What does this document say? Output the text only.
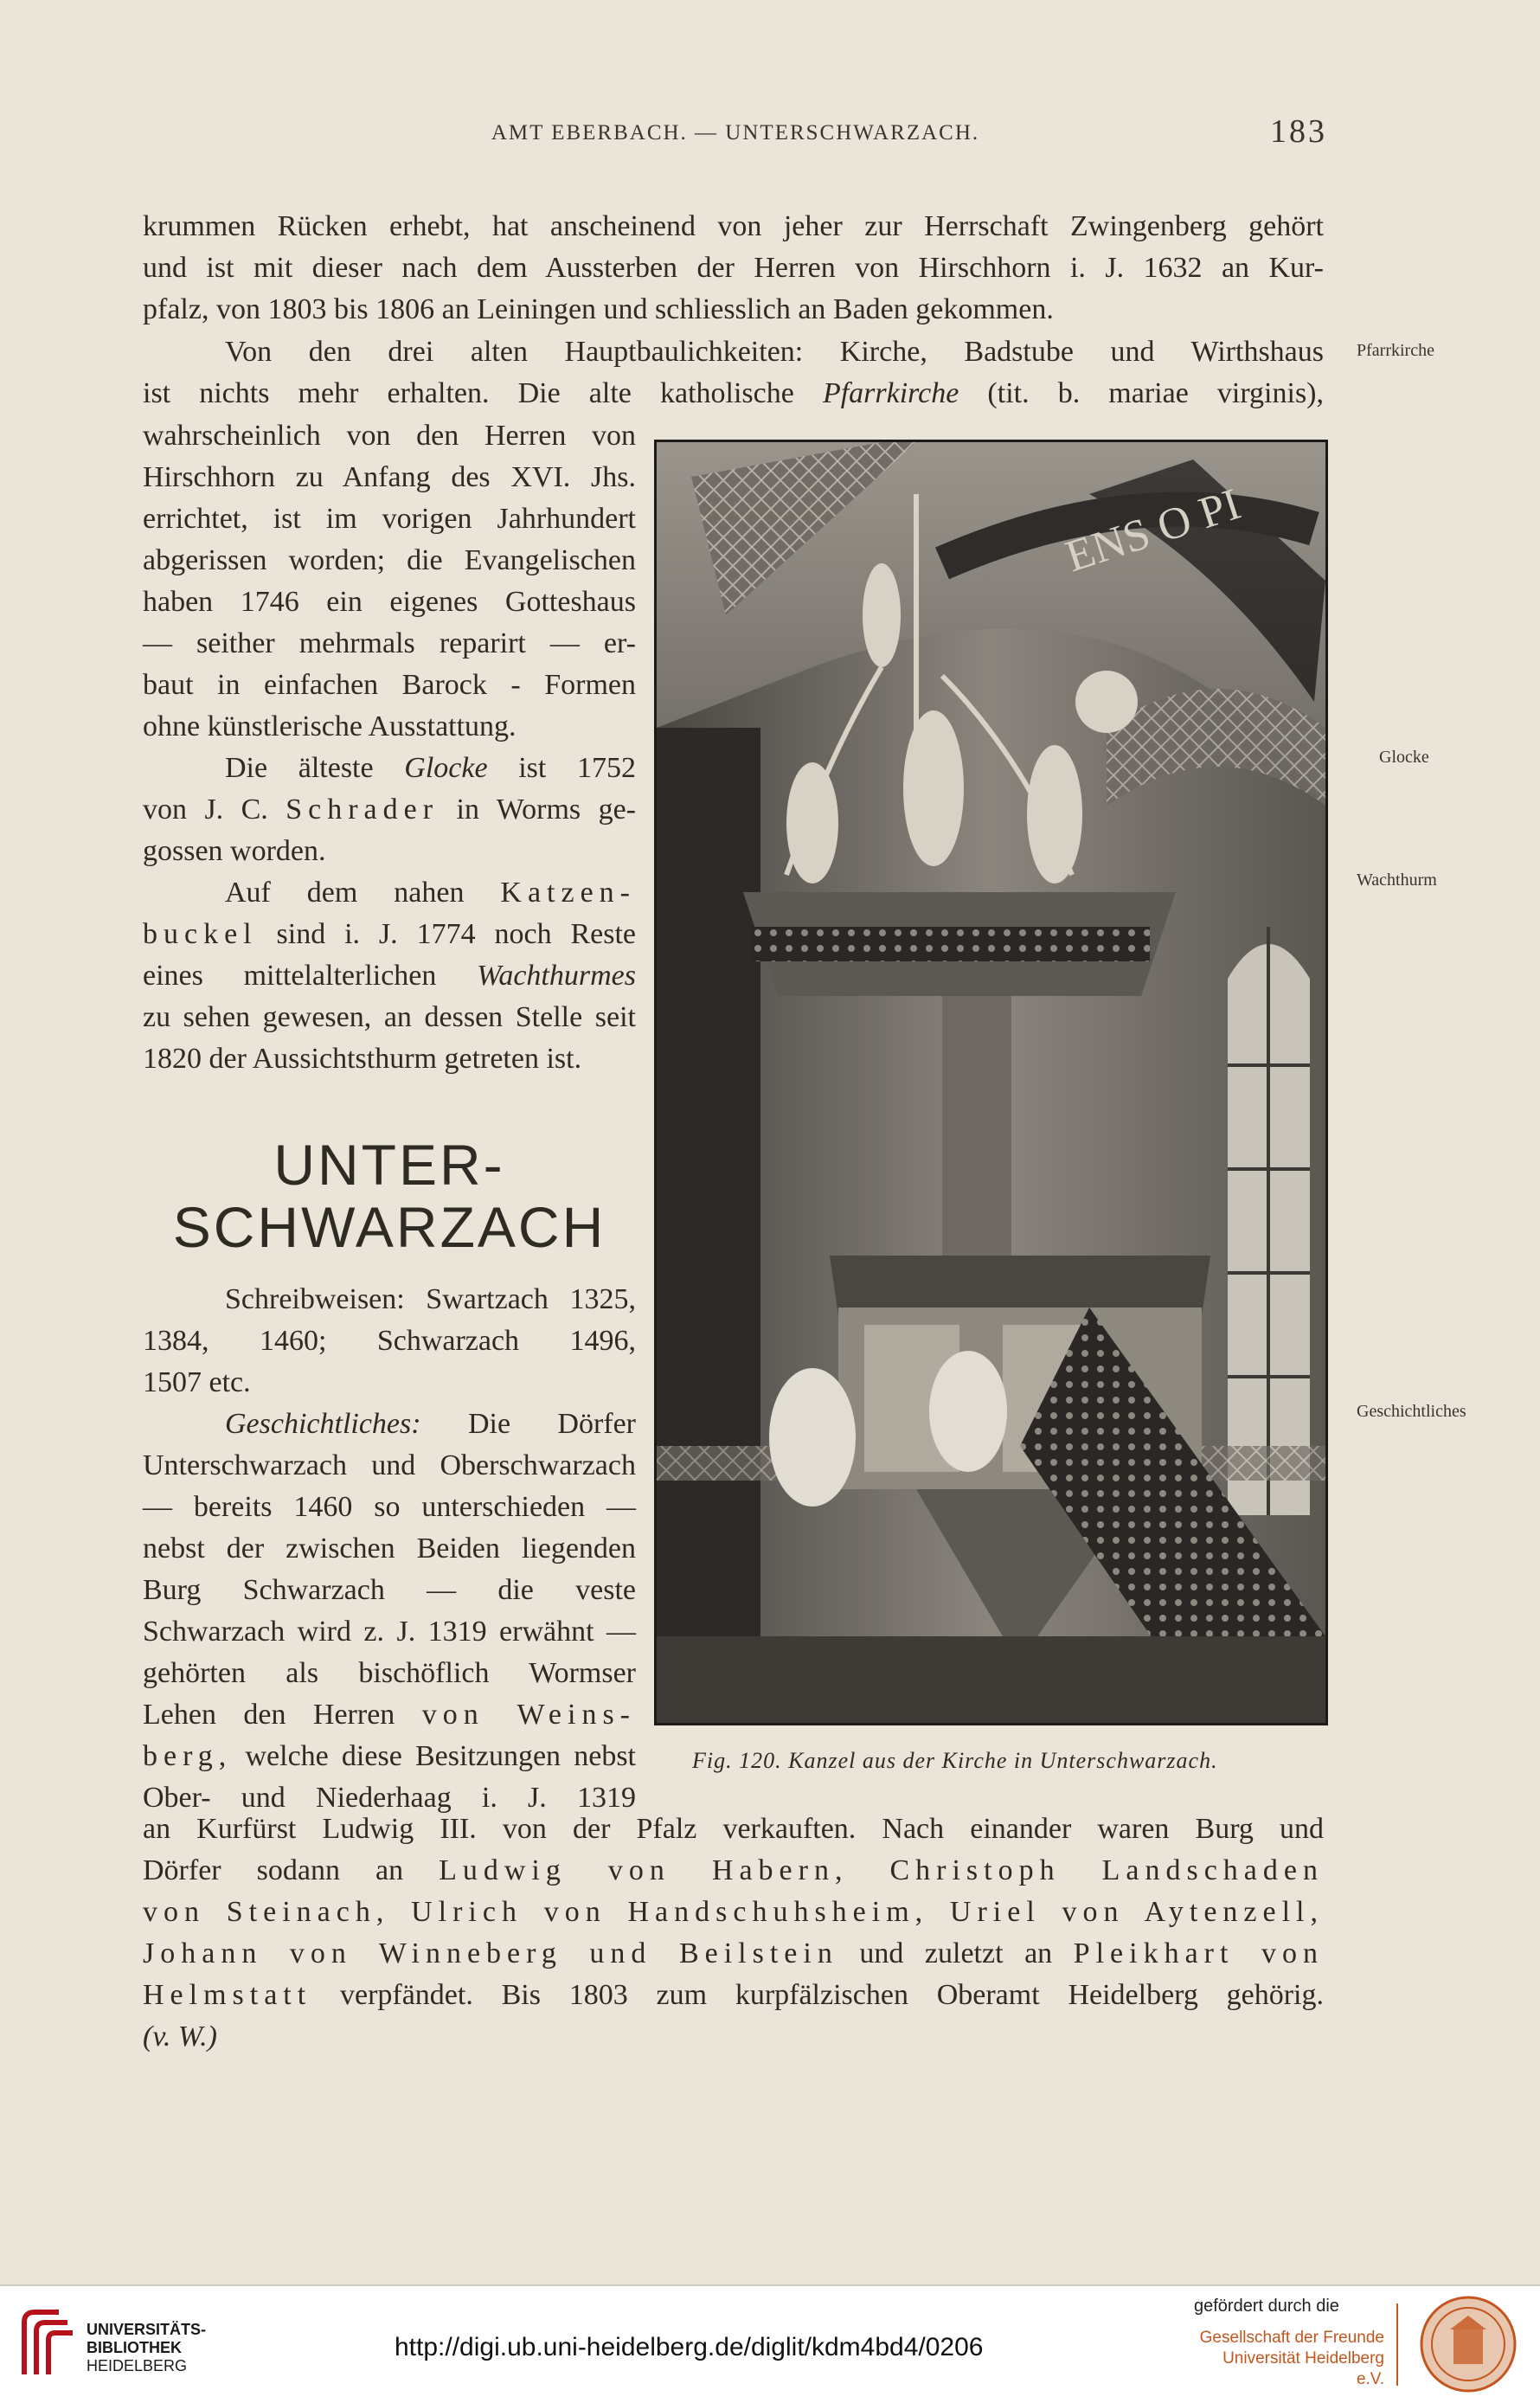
AMT EBERBACH. — UNTERSCHWARZACH.	183
krummen Rücken erhebt, hat anscheinend von jeher zur Herrschaft Zwingenberg gehört
und ist mit dieser nach dem Aussterben der Herren von Hirschhorn i. J. 1632 an Kur-
pfalz, von 1803 bis 1806 an Leiningen und schliesslich an Baden gekommen.
Von den drei alten Hauptbaulichkeiten: Kirche, Badstube und Wirthshaus
ist nichts mehr erhalten. Die alte katholische Pfarrkirche (tit. b. mariae virginis),
wahrscheinlich von den Herren von
Hirschhorn zu Anfang des XVI. Jhs.
errichtet, ist im vorigen Jahrhundert
abgerissen worden; die Evangelischen
haben 1746 ein eigenes Gotteshaus
— seither mehrmals reparirt — er-
baut in einfachen Barock - Formen
ohne künstlerische Ausstattung.
Die älteste Glocke ist 1752
von J. C. Schrader in Worms ge-
gossen worden.
Auf dem nahen Katzen-
buckel sind i. J. 1774 noch Reste
eines mittelalterlichen Wachthurmes
zu sehen gewesen, an dessen Stelle seit
1820 der Aussichtsthurm getreten ist.
UNTER-
SCHWARZACH
Schreibweisen: Swartzach 1325,
1384, 1460; Schwarzach 1496,
1507 etc.
Geschichtliches: Die Dörfer
Unterschwarzach und Oberschwarzach
— bereits 1460 so unterschieden —
nebst der zwischen Beiden liegenden
Burg Schwarzach — die veste
Schwarzach wird z. J. 1319 erwähnt —
gehörten als bischöflich Wormser
Lehen den Herren von Weins-
berg, welche diese Besitzungen nebst
Ober- und Niederhaag i. J. 1319
an Kurfürst Ludwig III. von der Pfalz verkauften. Nach einander waren Burg und
Dörfer sodann an Ludwig von Habern, Christoph Landschaden
von Steinach, Ulrich von Handschuhsheim, Uriel von Aytenzell,
Johann von Winneberg und Beilstein und zuletzt an Pleikhart von
Helmstatt verpfändet. Bis 1803 zum kurpfälzischen Oberamt Heidelberg gehörig.
(v. W.)
Pfarrkirche
Glocke
Wachthurm
Geschichtliches
ENS O PI
Fig. 120. Kanzel aus der Kirche in Unterschwarzach.
UNIVERSITÄTS-
BIBLIOTHEK
HEIDELBERG
http://digi.ub.uni-heidelberg.de/diglit/kdm4bd4/0206
gefördert durch die
Gesellschaft der Freunde
Universität Heidelberg e.V.
